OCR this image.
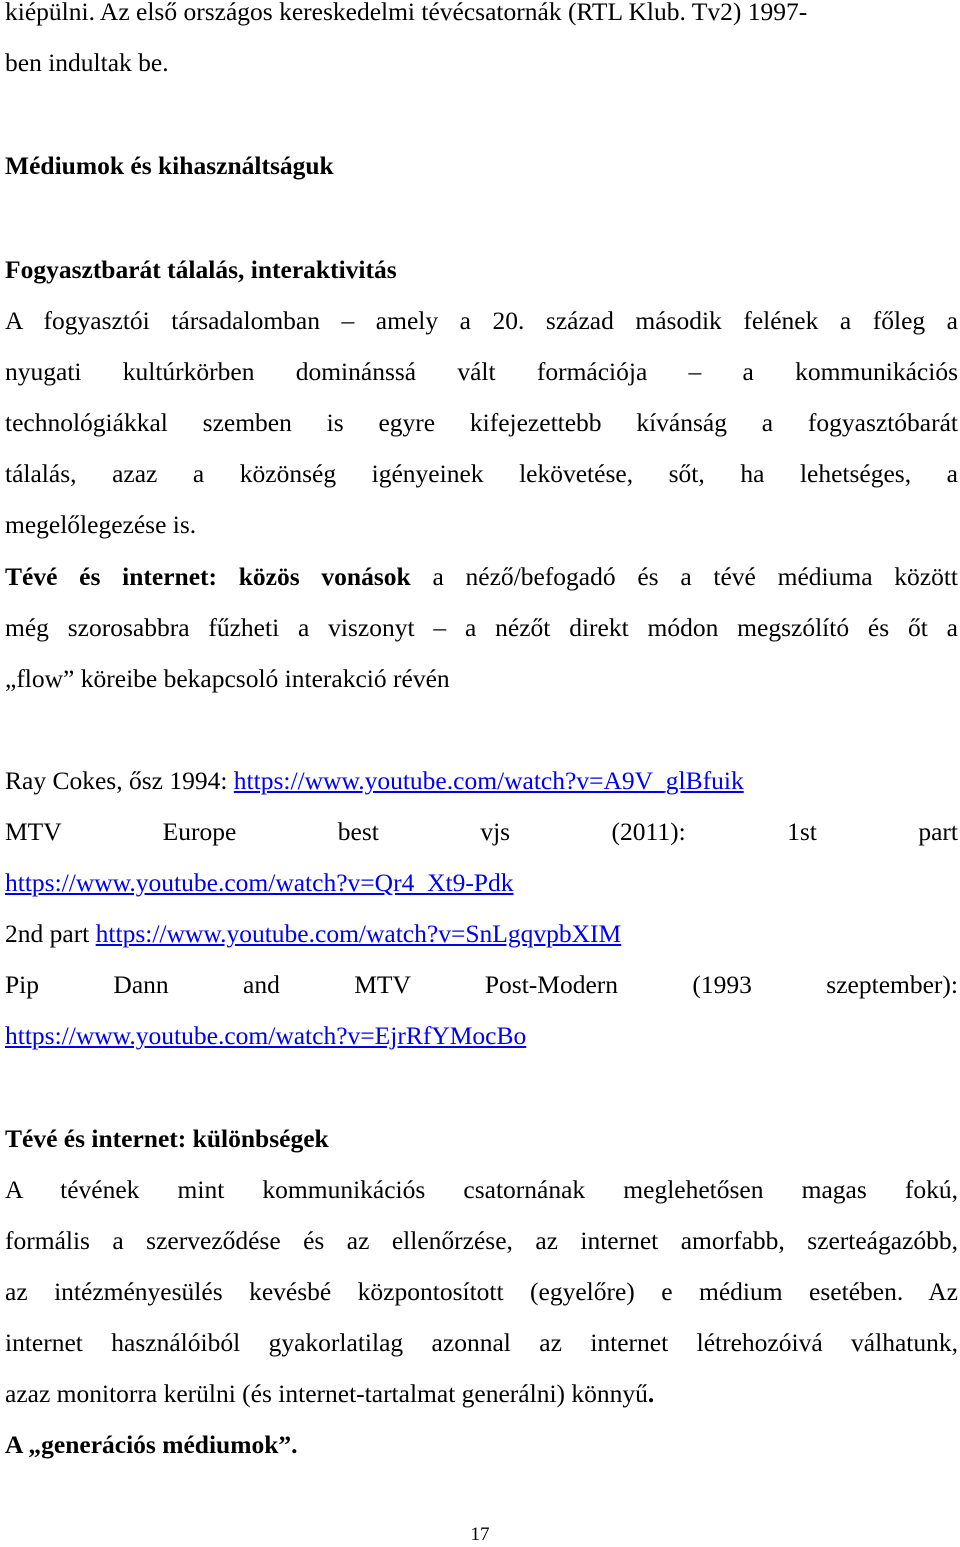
kiépülni. Az első országos kereskedelmi tévécsatornák (RTL Klub. Tv2) 1997-
ben indultak be.
Médiumok és kihasználtságuk
Fogyasztbarát tálalás, interaktivitás
A fogyasztói társadalomban – amely a 20. század második felének a főleg a
nyugati kultúrkörben dominánssá vált formációja – a kommunikációs
technológiákkal szemben is egyre kifejezettebb kívánság a fogyasztóbarát
tálalás, azaz a közönség igényeinek lekövetése, sőt, ha lehetséges, a
megelőlegezése is.
Tévé és internet: közös vonások a néző/befogadó és a tévé médiuma között
még szorosabbra fűzheti a viszonyt – a nézőt direkt módon megszólító és őt a
„flow” köreibe bekapcsoló interakció révén
Ray Cokes, ősz 1994: https://www.youtube.com/watch?v=A9V_glBfuik
MTV Europe best vjs (2011): 1st part
https://www.youtube.com/watch?v=Qr4_Xt9-Pdk
2nd part https://www.youtube.com/watch?v=SnLgqvpbXIM
Pip Dann and MTV Post-Modern (1993 szeptember):
https://www.youtube.com/watch?v=EjrRfYMocBo
Tévé és internet: különbségek
A tévének mint kommunikációs csatornának meglehetősen magas fokú,
formális a szerveződése és az ellenőrzése, az internet amorfabb, szerteágazóbb,
az intézményesülés kevésbé központosított (egyelőre) e médium esetében. Az
internet használóiból gyakorlatilag azonnal az internet létrehozóivá válhatunk,
azaz monitorra kerülni (és internet-tartalmat generálni) könnyű.
A „generációs médiumok”.
17
